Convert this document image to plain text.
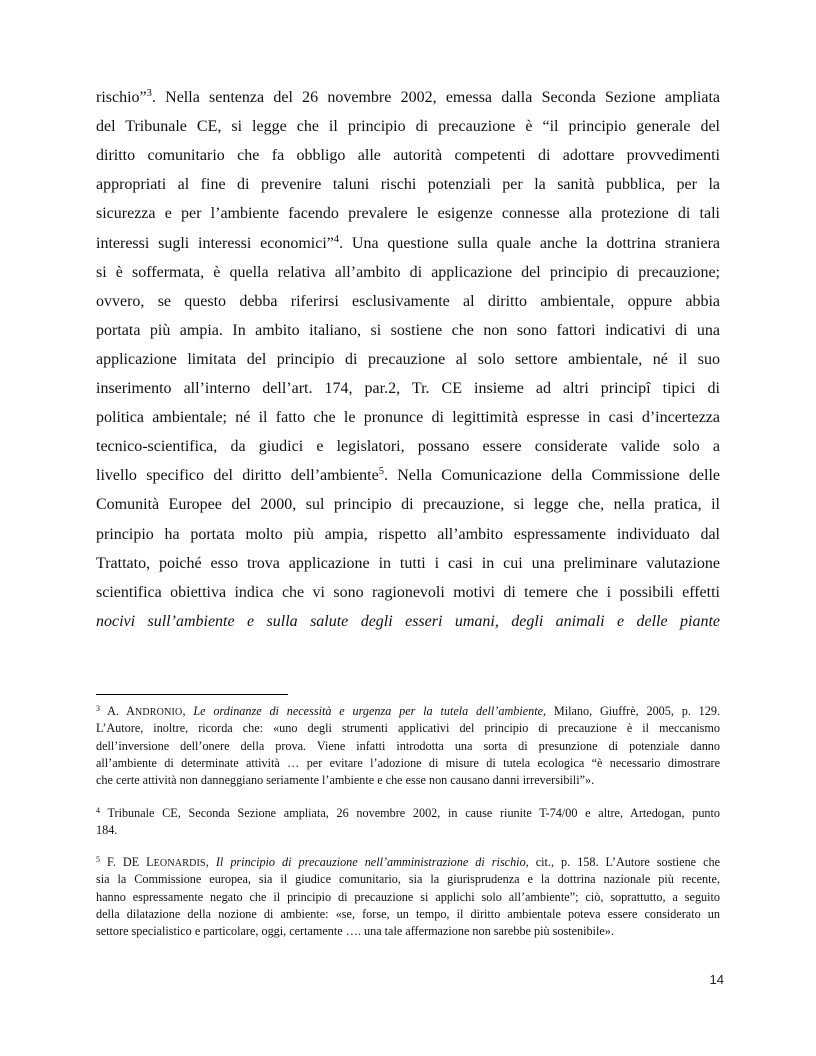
rischio”$^3$. Nella sentenza del 26 novembre 2002, emessa dalla Seconda Sezione ampliata
del Tribunale CE, si legge che il principio di precauzione è “il principio generale del
diritto comunitario che fa obbligo alle autorità competenti di adottare provvedimenti
appropriati al fine di prevenire taluni rischi potenziali per la sanità pubblica, per la
sicurezza e per l’ambiente facendo prevalere le esigenze connesse alla protezione di tali
interessi sugli interessi economici”$^4$. Una questione sulla quale anche la dottrina straniera
si è soffermata, è quella relativa all’ambito di applicazione del principio di precauzione;
ovvero, se questo debba riferirsi esclusivamente al diritto ambientale, oppure abbia
portata più ampia. In ambito italiano, si sostiene che non sono fattori indicativi di una
applicazione limitata del principio di precauzione al solo settore ambientale, né il suo
inserimento all’interno dell’art. 174, par.2, Tr. CE insieme ad altri principî tipici di
politica ambientale; né il fatto che le pronunce di legittimità espresse in casi d’incertezza
tecnico-scientifica, da giudici e legislatori, possano essere considerate valide solo a
livello specifico del diritto dell’ambiente$^5$. Nella Comunicazione della Commissione delle
Comunità Europee del 2000, sul principio di precauzione, si legge che, nella pratica, il
principio ha portata molto più ampia, rispetto all’ambito espressamente individuato dal
Trattato, poiché esso trova applicazione in tutti i casi in cui una preliminare valutazione
scientifica obiettiva indica che vi sono ragionevoli motivi di temere che i possibili effetti
nocivi sull’ambiente e sulla salute degli esseri umani, degli animali e delle piante
$^3$ A. ANDRONIO, Le ordinanze di necessità e urgenza per la tutela dell’ambiente, Milano, Giuffrè, 2005, p. 129.
L’Autore, inoltre, ricorda che: «uno degli strumenti applicativi del principio di precauzione è il meccanismo
dell’inversione dell’onere della prova. Viene infatti introdotta una sorta di presunzione di potenziale danno
all’ambiente di determinate attività … per evitare l’adozione di misure di tutela ecologica “è necessario dimostrare
che certe attività non danneggiano seriamente l’ambiente e che esse non causano danni irreversibili”».
$^4$ Tribunale CE, Seconda Sezione ampliata, 26 novembre 2002, in cause riunite T-74/00 e altre, Artedogan, punto
184.
$^5$ F. DE LEONARDIS, Il principio di precauzione nell’amministrazione di rischio, cit., p. 158. L’Autore sostiene che
sia la Commissione europea, sia il giudice comunitario, sia la giurisprudenza e la dottrina nazionale più recente,
hanno espressamente negato che il principio di precauzione si applichi solo all’ambiente”; ciò, soprattutto, a seguito
della dilatazione della nozione di ambiente: «se, forse, un tempo, il diritto ambientale poteva essere considerato un
settore specialistico e particolare, oggi, certamente …. una tale affermazione non sarebbe più sostenibile».
14
